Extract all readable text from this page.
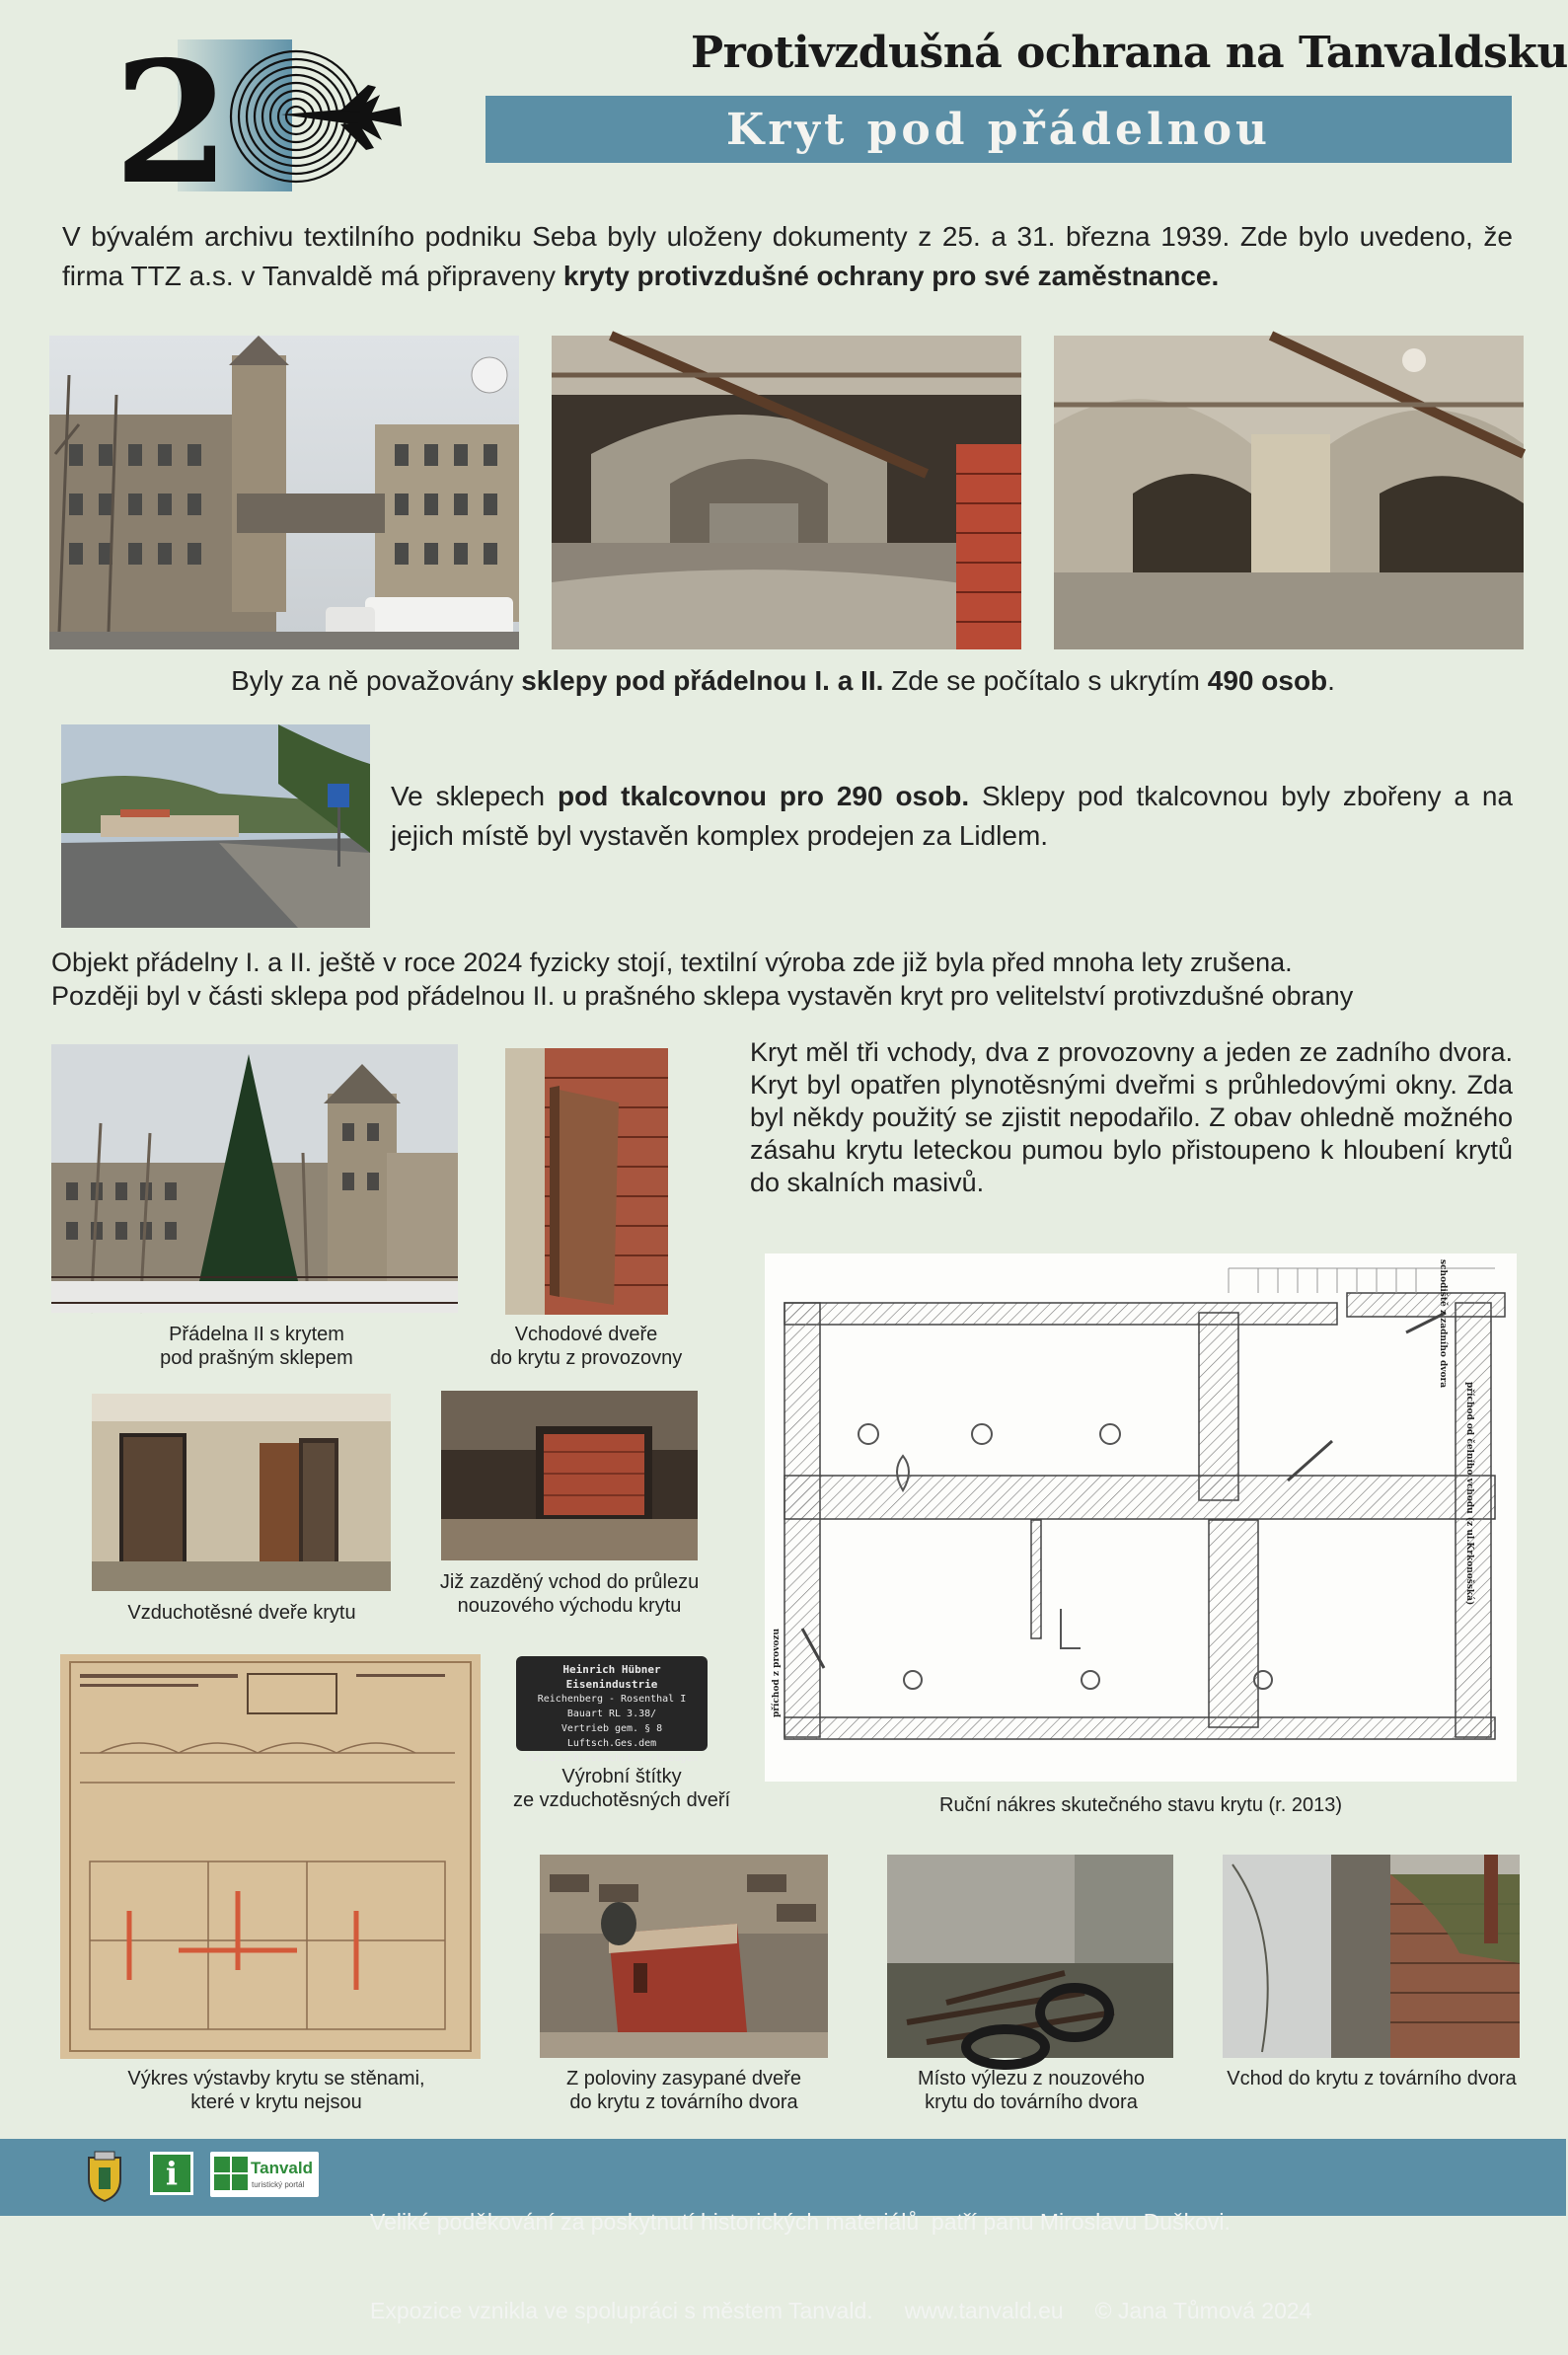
2	Protivzdušná ochrana na Tanvaldsku
Kryt pod přádelnou
V bývalém archivu textilního podniku Seba byly uloženy dokumenty z 25. a 31. března 1939. Zde bylo uvedeno, že firma TTZ a.s. v Tanvaldě má připraveny kryty protivzdušné ochrany pro své zaměstnance.
Byly za ně považovány sklepy pod přádelnou I. a II. Zde se počítalo s ukrytím 490 osob.
Ve sklepech pod tkalcovnou pro 290 osob. Sklepy pod tkalcovnou byly zbořeny a na jejich místě byl vystavěn komplex prodejen za Lidlem.
Objekt přádelny I. a II. ještě v roce 2024 fyzicky stojí, textilní výroba zde již byla před mnoha lety zrušena.
Později byl v části sklepa pod přádelnou II. u prašného sklepa vystavěn kryt pro velitelství protivzdušné obrany
Přádelna II s krytem
pod prašným sklepem
Vchodové dveře
do krytu z provozovny
Kryt měl tři vchody, dva z provozovny a jeden ze zadního dvora. Kryt byl opatřen plynotěsnými dveřmi s průhledovými okny. Zda byl někdy použitý se zjistit nepodařilo. Z obav ohledně možného zásahu krytu leteckou pumou bylo přistoupeno k hloubení krytů do skalních masivů.
Vzduchotěsné dveře krytu
Již zazděný vchod do průlezu
nouzového východu krytu
schodiště z zadního dvora
příchod od čelního vchodu (z ul.Krkonošská)
příchod z provozu
Ruční nákres skutečného stavu krytu (r. 2013)
Výkres výstavby krytu se stěnami,
které v krytu nejsou
Heinrich Hübner Eisenindustrie
Reichenberg - Rosenthal I
Bauart RL 3.38/
Vertrieb gem. § 8 Luftsch.Ges.dem
Vbd.d.Schiessschutzwerkzeugen
Výrobní štítky
ze vzduchotěsných dveří
Z poloviny zasypané dveře
do krytu z továrního dvora
Místo výlezu z nouzového
krytu do továrního dvora
Vchod do krytu z továrního dvora
i	Tanvald
turistický portál

Veliké poděkování za poskytnutí historických materiálů  patří panu Miroslavu Duškovi.

Expozice vznikla ve spolupráci s městem Tanvald.     www.tanvald.eu     © Jana Tůmová 2024
